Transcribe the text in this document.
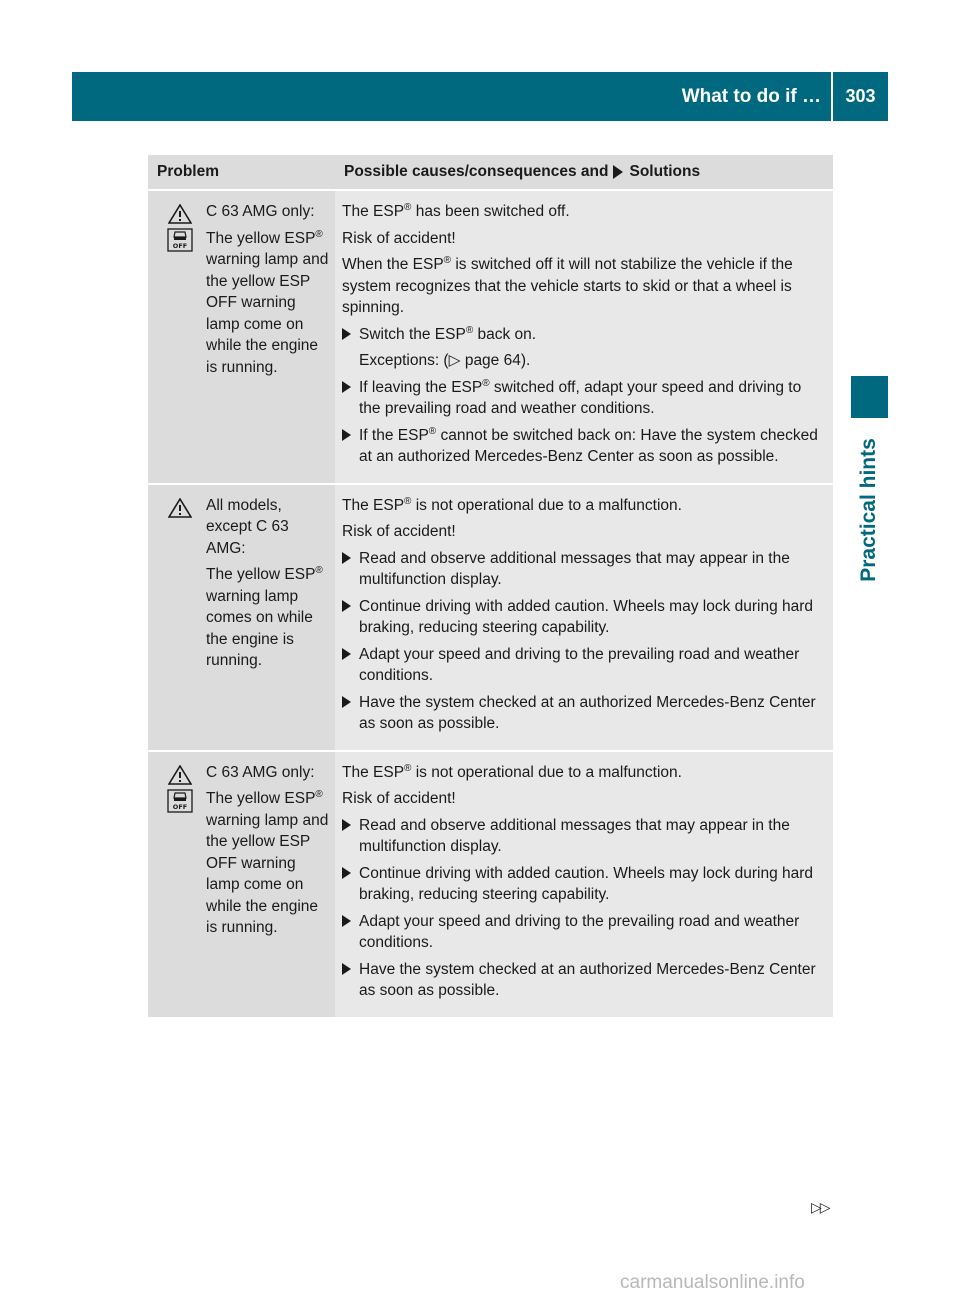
What to do if …	303
Practical hints
Problem	Possible causes/consequences and Solutions
OFF

C 63 AMG only:

The yellow ESP® warning lamp and the yellow ESP OFF warning lamp come on while the engine is running.

The ESP® has been switched off.

Risk of accident!

When the ESP® is switched off it will not stabilize the vehicle if the system recognizes that the vehicle starts to skid or that a wheel is spinning.

Switch the ESP® back on.

Exceptions: (▷ page 64).

If leaving the ESP® switched off, adapt your speed and driving to the prevailing road and weather conditions.
If the ESP® cannot be switched back on: Have the system checked at an authorized Mercedes-Benz Center as soon as possible.

All models, except C 63 AMG:

The yellow ESP® warning lamp comes on while the engine is running.

The ESP® is not operational due to a malfunction.

Risk of accident!

Read and observe additional messages that may appear in the multifunction display.
Continue driving with added caution. Wheels may lock during hard braking, reducing steering capability.
Adapt your speed and driving to the prevailing road and weather conditions.
Have the system checked at an authorized Mercedes-Benz Center as soon as possible.
OFF

C 63 AMG only:

The yellow ESP® warning lamp and the yellow ESP OFF warning lamp come on while the engine is running.

The ESP® is not operational due to a malfunction.

Risk of accident!

Read and observe additional messages that may appear in the multifunction display.
Continue driving with added caution. Wheels may lock during hard braking, reducing steering capability.
Adapt your speed and driving to the prevailing road and weather conditions.
Have the system checked at an authorized Mercedes-Benz Center as soon as possible.
▷▷
carmanualsonline.info
